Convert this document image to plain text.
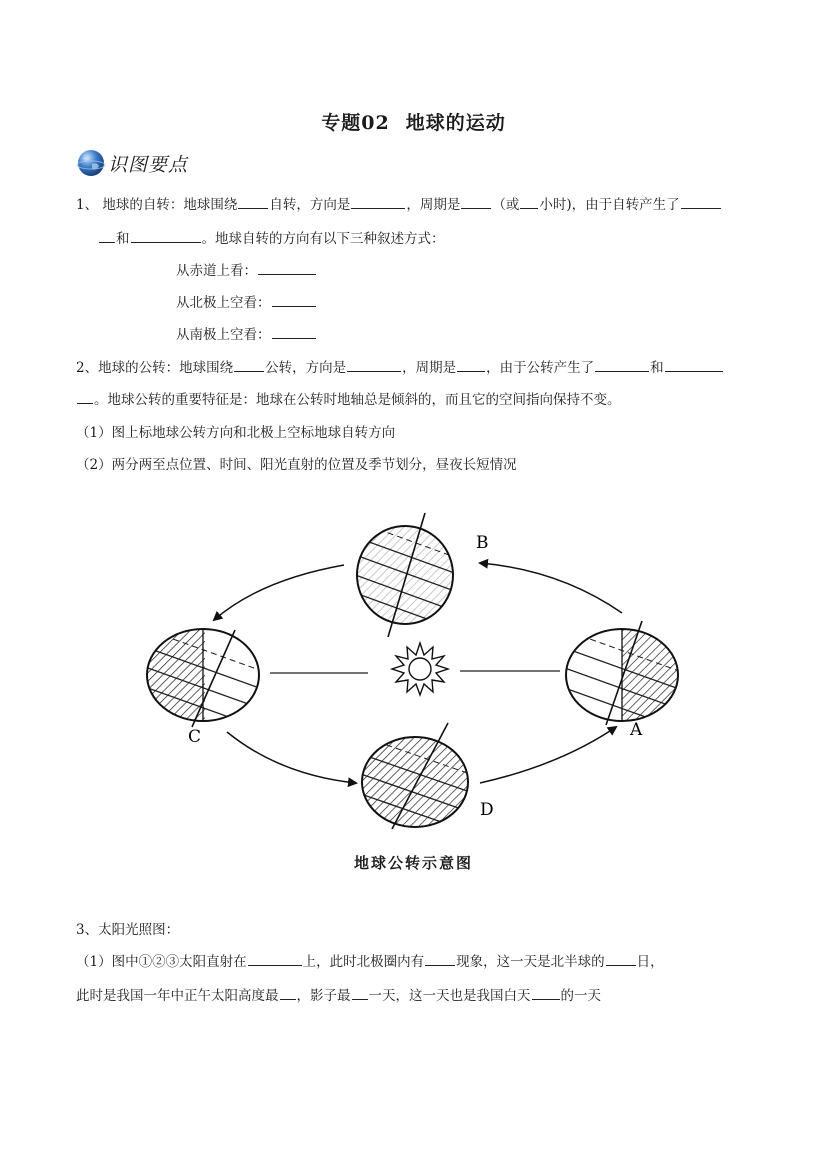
专题02 地球的运动
识图要点
1、 地球的自转：地球围绕 自转，方向是	，周期是 （或 小时)，由于自转产生了
和	。地球自转的方向有以下三种叙述方式：
从赤道上看：
从北极上空看：
从南极上空看：
2、地球的公转：地球围绕 公转，方向是	，周期是 ，由于公转产生了	和
。地球公转的重要特征是：地球在公转时地轴总是倾斜的，而且它的空间指向保持不变。
（1）图上标地球公转方向和北极上空标地球自转方向
（2）两分两至点位置、时间、阳光直射的位置及季节划分，昼夜长短情况
B
C	A
D
地球公转示意图
3、太阳光照图：
（1）图中①②③太阳直射在	上，此时北极圈内有 现象，这一天是北半球的 日，
此时是我国一年中正午太阳高度最 ，影子最 一天，这一天也是我国白天 的一天
